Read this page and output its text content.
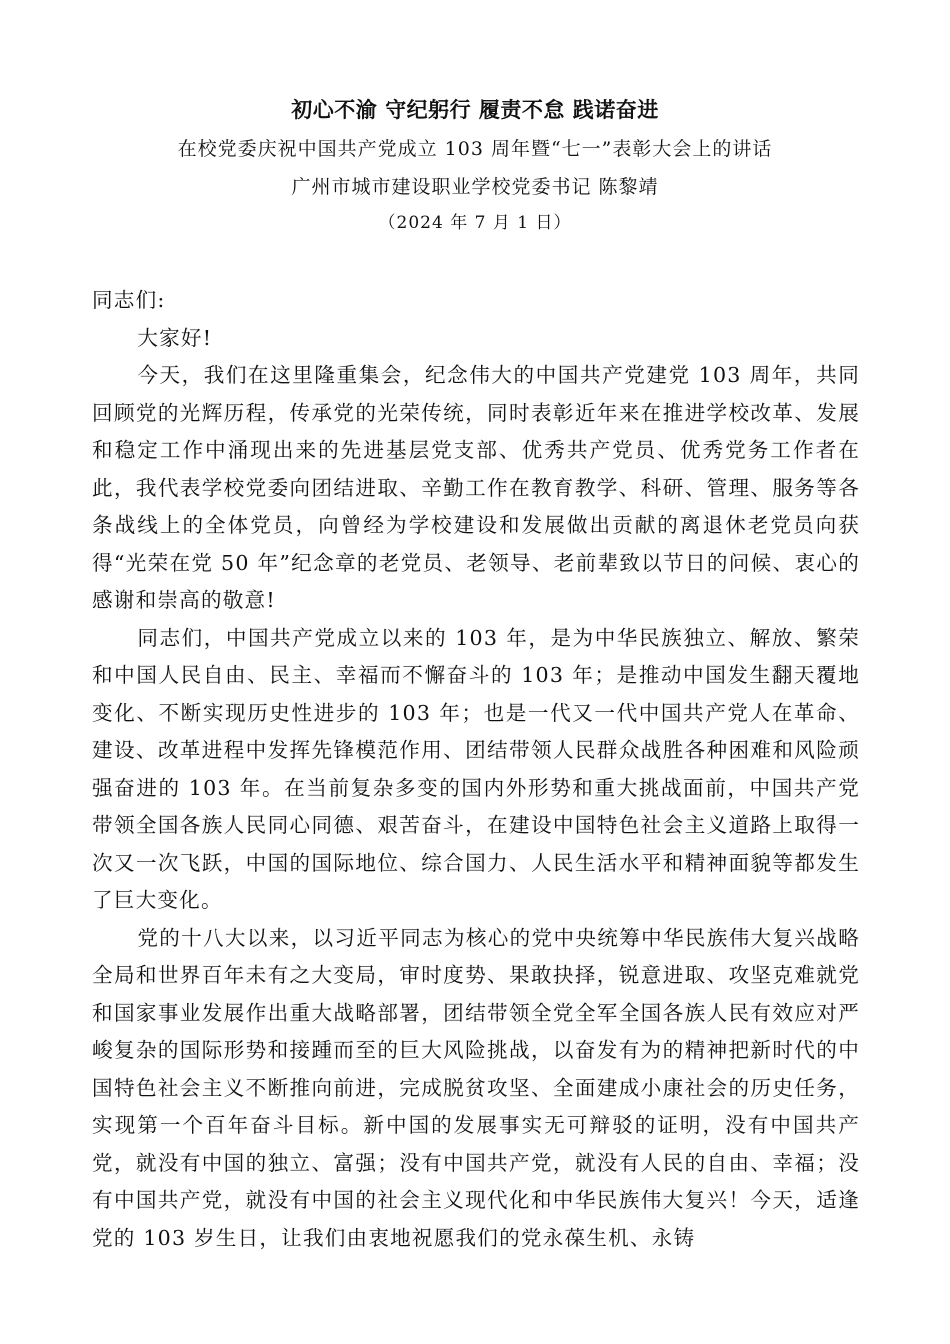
初心不渝 守纪躬行 履责不怠 践诺奋进
在校党委庆祝中国共产党成立 103 周年暨“七一”表彰大会上的讲话
广州市城市建设职业学校党委书记 陈黎靖
（2024 年 7 月 1 日）

同志们:

大家好!

今天，我们在这里隆重集会，纪念伟大的中国共产党建党 103 周年，共同回顾党的光辉历程，传承党的光荣传统，同时表彰近年来在推进学校改革、发展和稳定工作中涌现出来的先进基层党支部、优秀共产党员、优秀党务工作者在此，我代表学校党委向团结进取、辛勤工作在教育教学、科研、管理、服务等各条战线上的全体党员，向曾经为学校建设和发展做出贡献的离退休老党员向获得“光荣在党 50 年”纪念章的老党员、老领导、老前辈致以节日的问候、衷心的感谢和崇高的敬意!

同志们，中国共产党成立以来的 103 年，是为中华民族独立、解放、繁荣和中国人民自由、民主、幸福而不懈奋斗的 103 年；是推动中国发生翻天覆地变化、不断实现历史性进步的 103 年；也是一代又一代中国共产党人在革命、建设、改革进程中发挥先锋模范作用、团结带领人民群众战胜各种困难和风险顽强奋进的 103 年。在当前复杂多变的国内外形势和重大挑战面前，中国共产党带领全国各族人民同心同德、艰苦奋斗，在建设中国特色社会主义道路上取得一次又一次飞跃，中国的国际地位、综合国力、人民生活水平和精神面貌等都发生了巨大变化。

党的十八大以来，以习近平同志为核心的党中央统筹中华民族伟大复兴战略全局和世界百年未有之大变局，审时度势、果敢抉择，锐意进取、攻坚克难就党和国家事业发展作出重大战略部署，团结带领全党全军全国各族人民有效应对严峻复杂的国际形势和接踵而至的巨大风险挑战，以奋发有为的精神把新时代的中国特色社会主义不断推向前进，完成脱贫攻坚、全面建成小康社会的历史任务，实现第一个百年奋斗目标。新中国的发展事实无可辩驳的证明，没有中国共产党，就没有中国的独立、富强；没有中国共产党，就没有人民的自由、幸福；没有中国共产党，就没有中国的社会主义现代化和中华民族伟大复兴！今天，适逢党的 103 岁生日，让我们由衷地祝愿我们的党永葆生机、永铸
